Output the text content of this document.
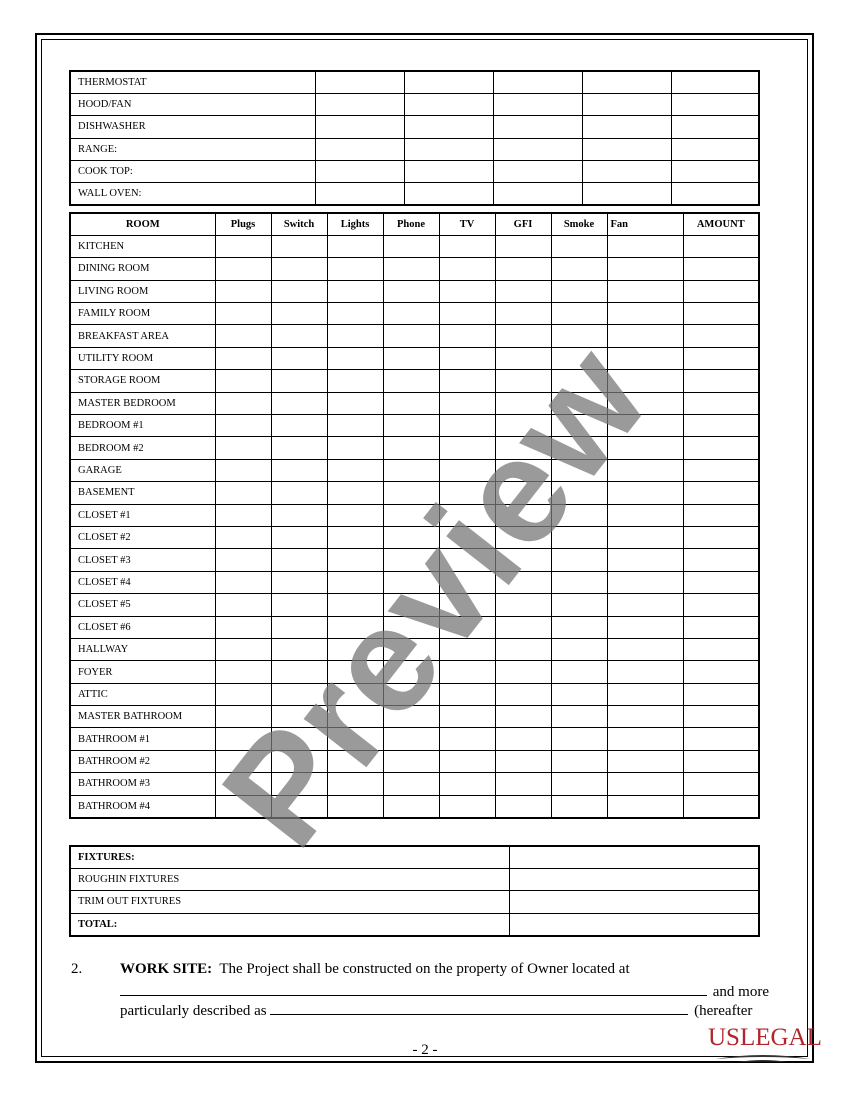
THERMOSTAT					
HOOD/FAN					
DISHWASHER					
RANGE:					
COOK TOP:					
WALL OVEN:					
ROOM	Plugs	Switch	Lights	Phone	TV	GFI	Smoke	Fan	AMOUNT
KITCHEN									
DINING ROOM									
LIVING ROOM									
FAMILY ROOM									
BREAKFAST AREA									
UTILITY ROOM									
STORAGE ROOM									
MASTER BEDROOM									
BEDROOM #1									
BEDROOM #2									
GARAGE									
BASEMENT									
CLOSET #1									
CLOSET #2									
CLOSET #3									
CLOSET #4									
CLOSET #5									
CLOSET #6									
HALLWAY									
FOYER									
ATTIC									
MASTER BATHROOM									
BATHROOM #1									
BATHROOM #2									
BATHROOM #3									
BATHROOM #4									
FIXTURES:	
ROUGHIN FIXTURES	
TRIM OUT FIXTURES	
TOTAL:	
2.	WORK SITE: The Project shall be constructed on the property of Owner located at
and more
particularly described as	(hereafter
- 2 -
Preview
USLEGAL
